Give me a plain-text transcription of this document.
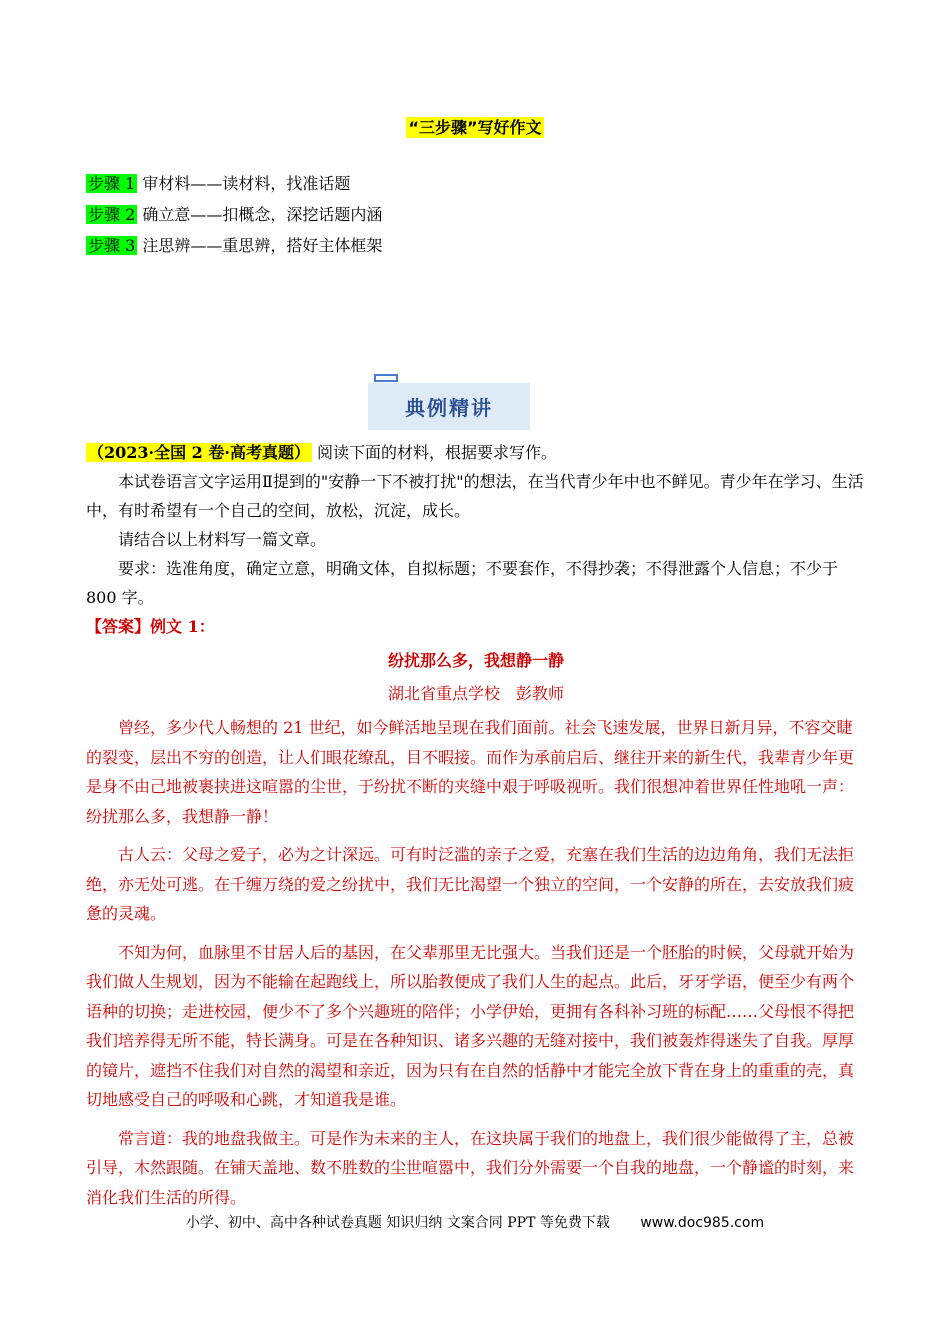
“三步骤”写好作文
步骤 1 审材料——读材料，找准话题
步骤 2 确立意——扣概念，深挖话题内涵
步骤 3 注思辨——重思辨，搭好主体框架
典例精讲
（2023·全国 2 卷·高考真题） 阅读下面的材料，根据要求写作。
本试卷语言文字运用Ⅱ提到的"安静一下不被打扰"的想法，在当代青少年中也不鲜见。青少年在学习、生活中，有时希望有一个自己的空间，放松，沉淀，成长。
请结合以上材料写一篇文章。
要求：选准角度，确定立意，明确文体，自拟标题；不要套作，不得抄袭；不得泄露个人信息；不少于 800 字。
【答案】例文 1：
纷扰那么多，我想静一静
湖北省重点学校　彭教师

曾经，多少代人畅想的 21 世纪，如今鲜活地呈现在我们面前。社会飞速发展，世界日新月异，不容交睫的裂变，层出不穷的创造，让人们眼花缭乱，目不暇接。而作为承前启后、继往开来的新生代，我辈青少年更是身不由己地被裹挟进这喧嚣的尘世，于纷扰不断的夹缝中艰于呼吸视听。我们很想冲着世界任性地吼一声：纷扰那么多，我想静一静！

古人云：父母之爱子，必为之计深远。可有时泛滥的亲子之爱，充塞在我们生活的边边角角，我们无法拒绝，亦无处可逃。在千缠万绕的爱之纷扰中，我们无比渴望一个独立的空间，一个安静的所在，去安放我们疲惫的灵魂。

不知为何，血脉里不甘居人后的基因，在父辈那里无比强大。当我们还是一个胚胎的时候，父母就开始为我们做人生规划，因为不能输在起跑线上，所以胎教便成了我们人生的起点。此后，牙牙学语，便至少有两个语种的切换；走进校园，便少不了多个兴趣班的陪伴；小学伊始，更拥有各科补习班的标配……父母恨不得把我们培养得无所不能，特长满身。可是在各种知识、诸多兴趣的无缝对接中，我们被轰炸得迷失了自我。厚厚的镜片，遮挡不住我们对自然的渴望和亲近，因为只有在自然的恬静中才能完全放下背在身上的重重的壳，真切地感受自己的呼吸和心跳，才知道我是谁。

常言道：我的地盘我做主。可是作为未来的主人，在这块属于我们的地盘上，我们很少能做得了主，总被引导，木然跟随。在铺天盖地、数不胜数的尘世喧嚣中，我们分外需要一个自我的地盘，一个静谧的时刻，来消化我们生活的所得。

小学、初中、高中各种试卷真题 知识归纳 文案合同 PPT 等免费下载 www.doc985.com
